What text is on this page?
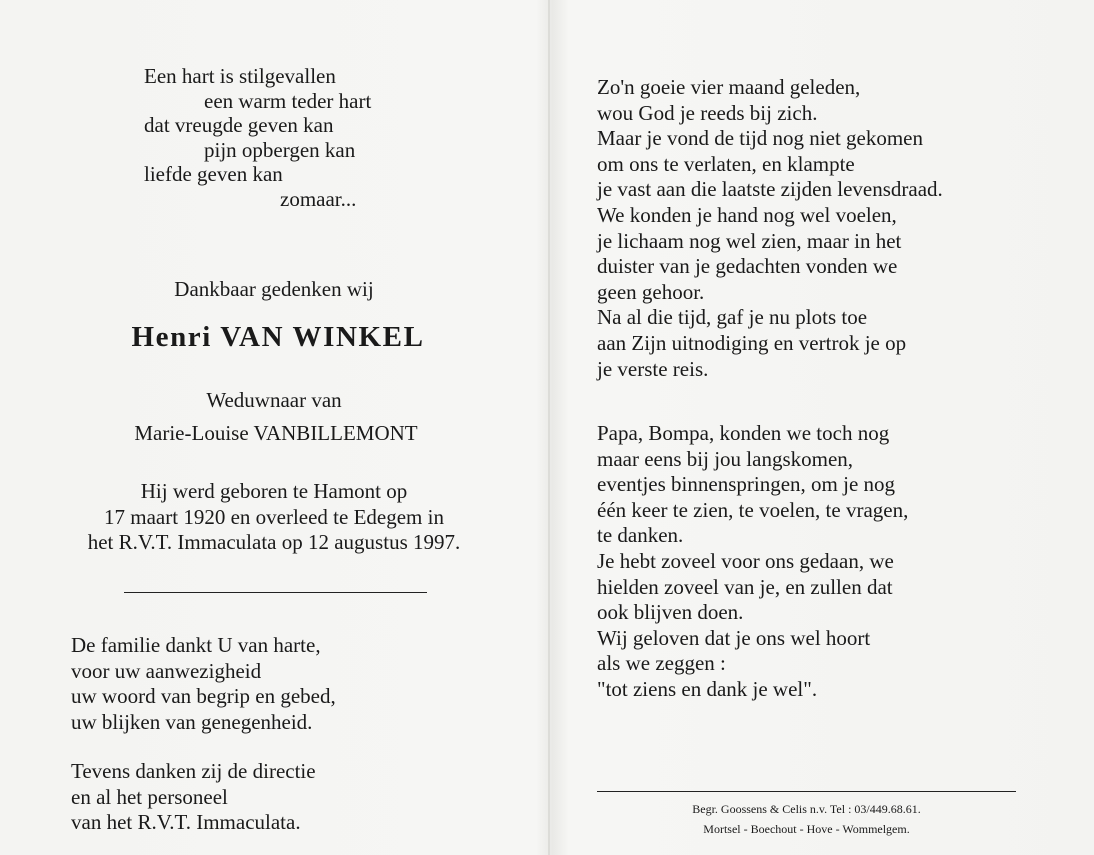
Een hart is stilgevallen
een warm teder hart
dat vreugde geven kan
pijn opbergen kan
liefde geven kan
zomaar...
Dankbaar gedenken wij
Henri VAN WINKEL
Weduwnaar van
Marie-Louise VANBILLEMONT
Hij werd geboren te Hamont op
17 maart 1920 en overleed te Edegem in
het R.V.T. Immaculata op 12 augustus 1997.
De familie dankt U van harte,
voor uw aanwezigheid
uw woord van begrip en gebed,
uw blijken van genegenheid.
Tevens danken zij de directie
en al het personeel
van het R.V.T. Immaculata.
Zo'n goeie vier maand geleden,
wou God je reeds bij zich.
Maar je vond de tijd nog niet gekomen
om ons te verlaten, en klampte
je vast aan die laatste zijden levensdraad.
We konden je hand nog wel voelen,
je lichaam nog wel zien, maar in het
duister van je gedachten vonden we
geen gehoor.
Na al die tijd, gaf je nu plots toe
aan Zijn uitnodiging en vertrok je op
je verste reis.
Papa, Bompa, konden we toch nog
maar eens bij jou langskomen,
eventjes binnenspringen, om je nog
één keer te zien, te voelen, te vragen,
te danken.
Je hebt zoveel voor ons gedaan, we
hielden zoveel van je, en zullen dat
ook blijven doen.
Wij geloven dat je ons wel hoort
als we zeggen :
"tot ziens en dank je wel".
Begr. Goossens & Celis n.v. Tel : 03/449.68.61.
Mortsel - Boechout - Hove - Wommelgem.
